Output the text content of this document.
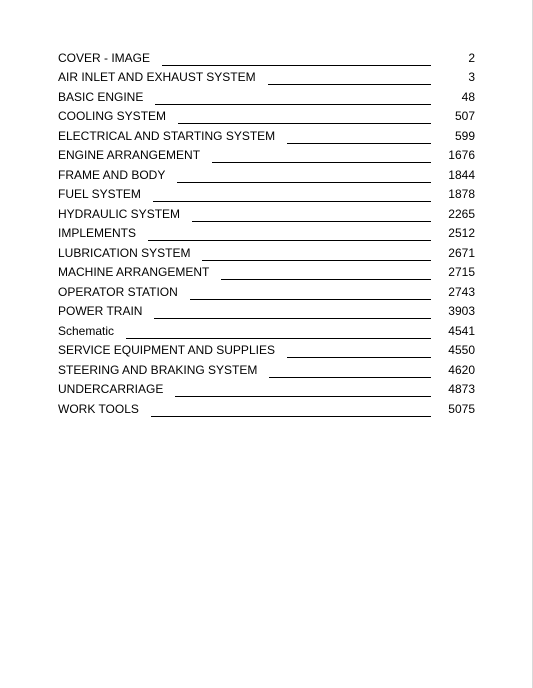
COVER - IMAGE	2
AIR INLET AND EXHAUST SYSTEM	3
BASIC ENGINE	48
COOLING SYSTEM	507
ELECTRICAL AND STARTING SYSTEM	599
ENGINE ARRANGEMENT	1676
FRAME AND BODY	1844
FUEL SYSTEM	1878
HYDRAULIC SYSTEM	2265
IMPLEMENTS	2512
LUBRICATION SYSTEM	2671
MACHINE ARRANGEMENT	2715
OPERATOR STATION	2743
POWER TRAIN	3903
Schematic	4541
SERVICE EQUIPMENT AND SUPPLIES	4550
STEERING AND BRAKING SYSTEM	4620
UNDERCARRIAGE	4873
WORK TOOLS	5075
